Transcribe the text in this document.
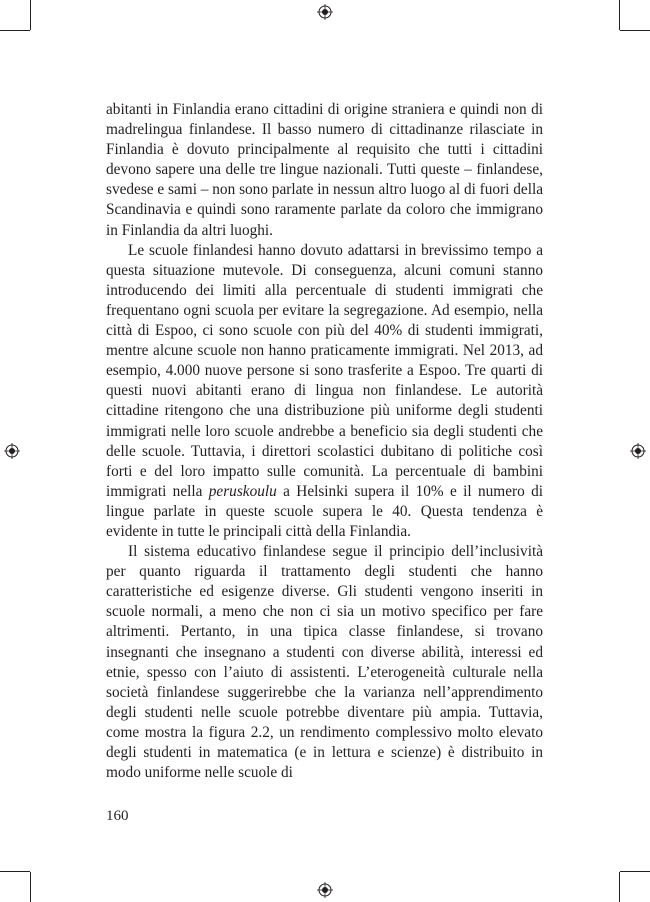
abitanti in Finlandia erano cittadini di origine straniera e quindi non di madrelingua finlandese. Il basso numero di cittadinanze rilasciate in Finlandia è dovuto principalmente al requisito che tutti i cittadini devono sapere una delle tre lingue nazionali. Tutti queste – finlandese, svedese e sami – non sono parlate in nessun altro luogo al di fuori della Scandinavia e quindi sono raramente parlate da coloro che immigrano in Finlandia da altri luoghi.

Le scuole finlandesi hanno dovuto adattarsi in brevissimo tempo a questa situazione mutevole. Di conseguenza, alcuni comuni stanno introducendo dei limiti alla percentuale di studenti immigrati che frequentano ogni scuola per evitare la segregazione. Ad esempio, nella città di Espoo, ci sono scuole con più del 40% di studenti immigrati, mentre alcune scuole non hanno praticamente immigrati. Nel 2013, ad esempio, 4.000 nuove persone si sono trasferite a Espoo. Tre quarti di questi nuovi abitanti erano di lingua non finlandese. Le autorità cittadine ritengono che una distribuzione più uniforme degli studenti immigrati nelle loro scuole andrebbe a beneficio sia degli studenti che delle scuole. Tuttavia, i direttori scolastici dubitano di politiche così forti e del loro impatto sulle comunità. La percentuale di bambini immigrati nella peruskoulu a Helsinki supera il 10% e il numero di lingue parlate in queste scuole supera le 40. Questa tendenza è evidente in tutte le principali città della Finlandia.

Il sistema educativo finlandese segue il principio dell’inclusività per quanto riguarda il trattamento degli studenti che hanno caratteristiche ed esigenze diverse. Gli studenti vengono inseriti in scuole normali, a meno che non ci sia un motivo specifico per fare altrimenti. Pertanto, in una tipica classe finlandese, si trovano insegnanti che insegnano a studenti con diverse abilità, interessi ed etnie, spesso con l’aiuto di assistenti. L’eterogeneità culturale nella società finlandese suggerirebbe che la varianza nell’apprendimento degli studenti nelle scuole potrebbe diventare più ampia. Tuttavia, come mostra la figura 2.2, un rendimento complessivo molto elevato degli studenti in matematica (e in lettura e scienze) è distribuito in modo uniforme nelle scuole di

160
